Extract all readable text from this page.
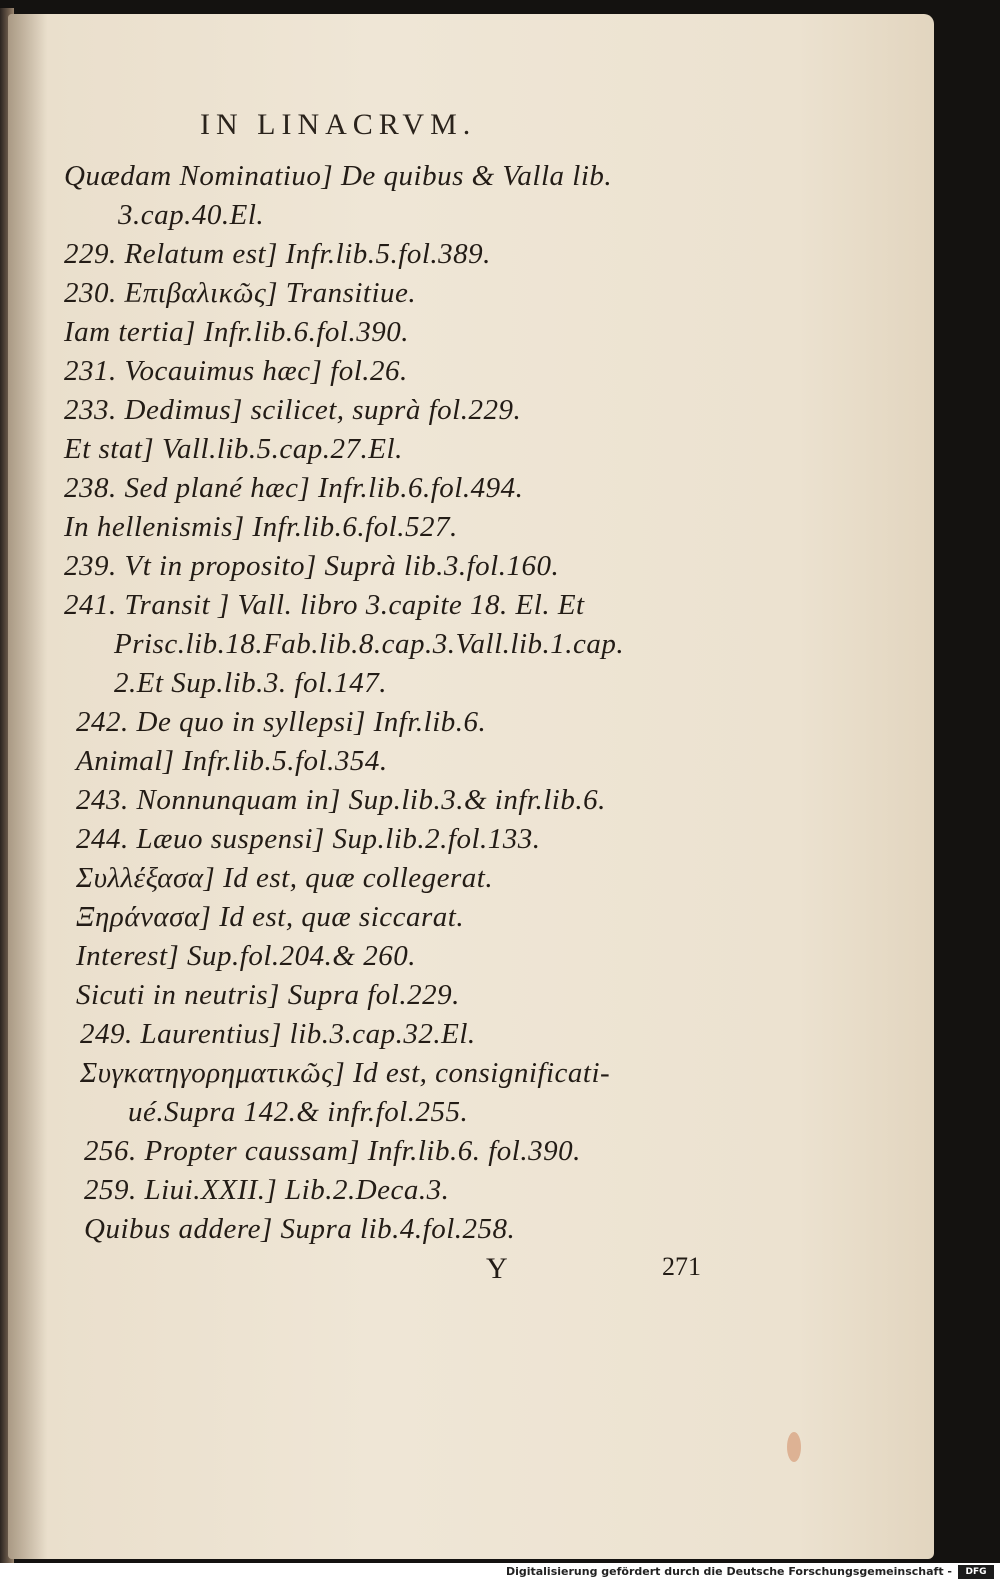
IN LINACRVM.
Quædam Nominatiuo] De quibus & Valla lib.
3.cap.40.El.
229. Relatum est] Infr.lib.5.fol.389.
230. Επιβαλικῶς] Transitiue.
Iam tertia] Infr.lib.6.fol.390.
231. Vocauimus hæc] fol.26.
233. Dedimus] scilicet, suprà fol.229.
Et stat] Vall.lib.5.cap.27.El.
238. Sed plané hæc] Infr.lib.6.fol.494.
In hellenismis] Infr.lib.6.fol.527.
239. Vt in proposito] Suprà lib.3.fol.160.
241. Transit ] Vall. libro 3.capite 18. El. Et
Prisc.lib.18.Fab.lib.8.cap.3.Vall.lib.1.cap.
2.Et Sup.lib.3. fol.147.
242. De quo in syllepsi] Infr.lib.6.
Animal] Infr.lib.5.fol.354.
243. Nonnunquam in] Sup.lib.3.& infr.lib.6.
244. Læuo suspensi] Sup.lib.2.fol.133.
Συλλέξασα] Id est, quæ collegerat.
Ξηράνασα] Id est, quæ siccarat.
Interest] Sup.fol.204.& 260.
Sicuti in neutris] Supra fol.229.
249. Laurentius] lib.3.cap.32.El.
Συγκατηγορηματικῶς] Id est, consignificati-
ué.Supra 142.& infr.fol.255.
256. Propter caussam] Infr.lib.6. fol.390.
259. Liui.XXII.] Lib.2.Deca.3.
Quibus addere] Supra lib.4.fol.258.
Y	271
Digitalisierung gefördert durch die Deutsche Forschungsgemeinschaft -	DFG
